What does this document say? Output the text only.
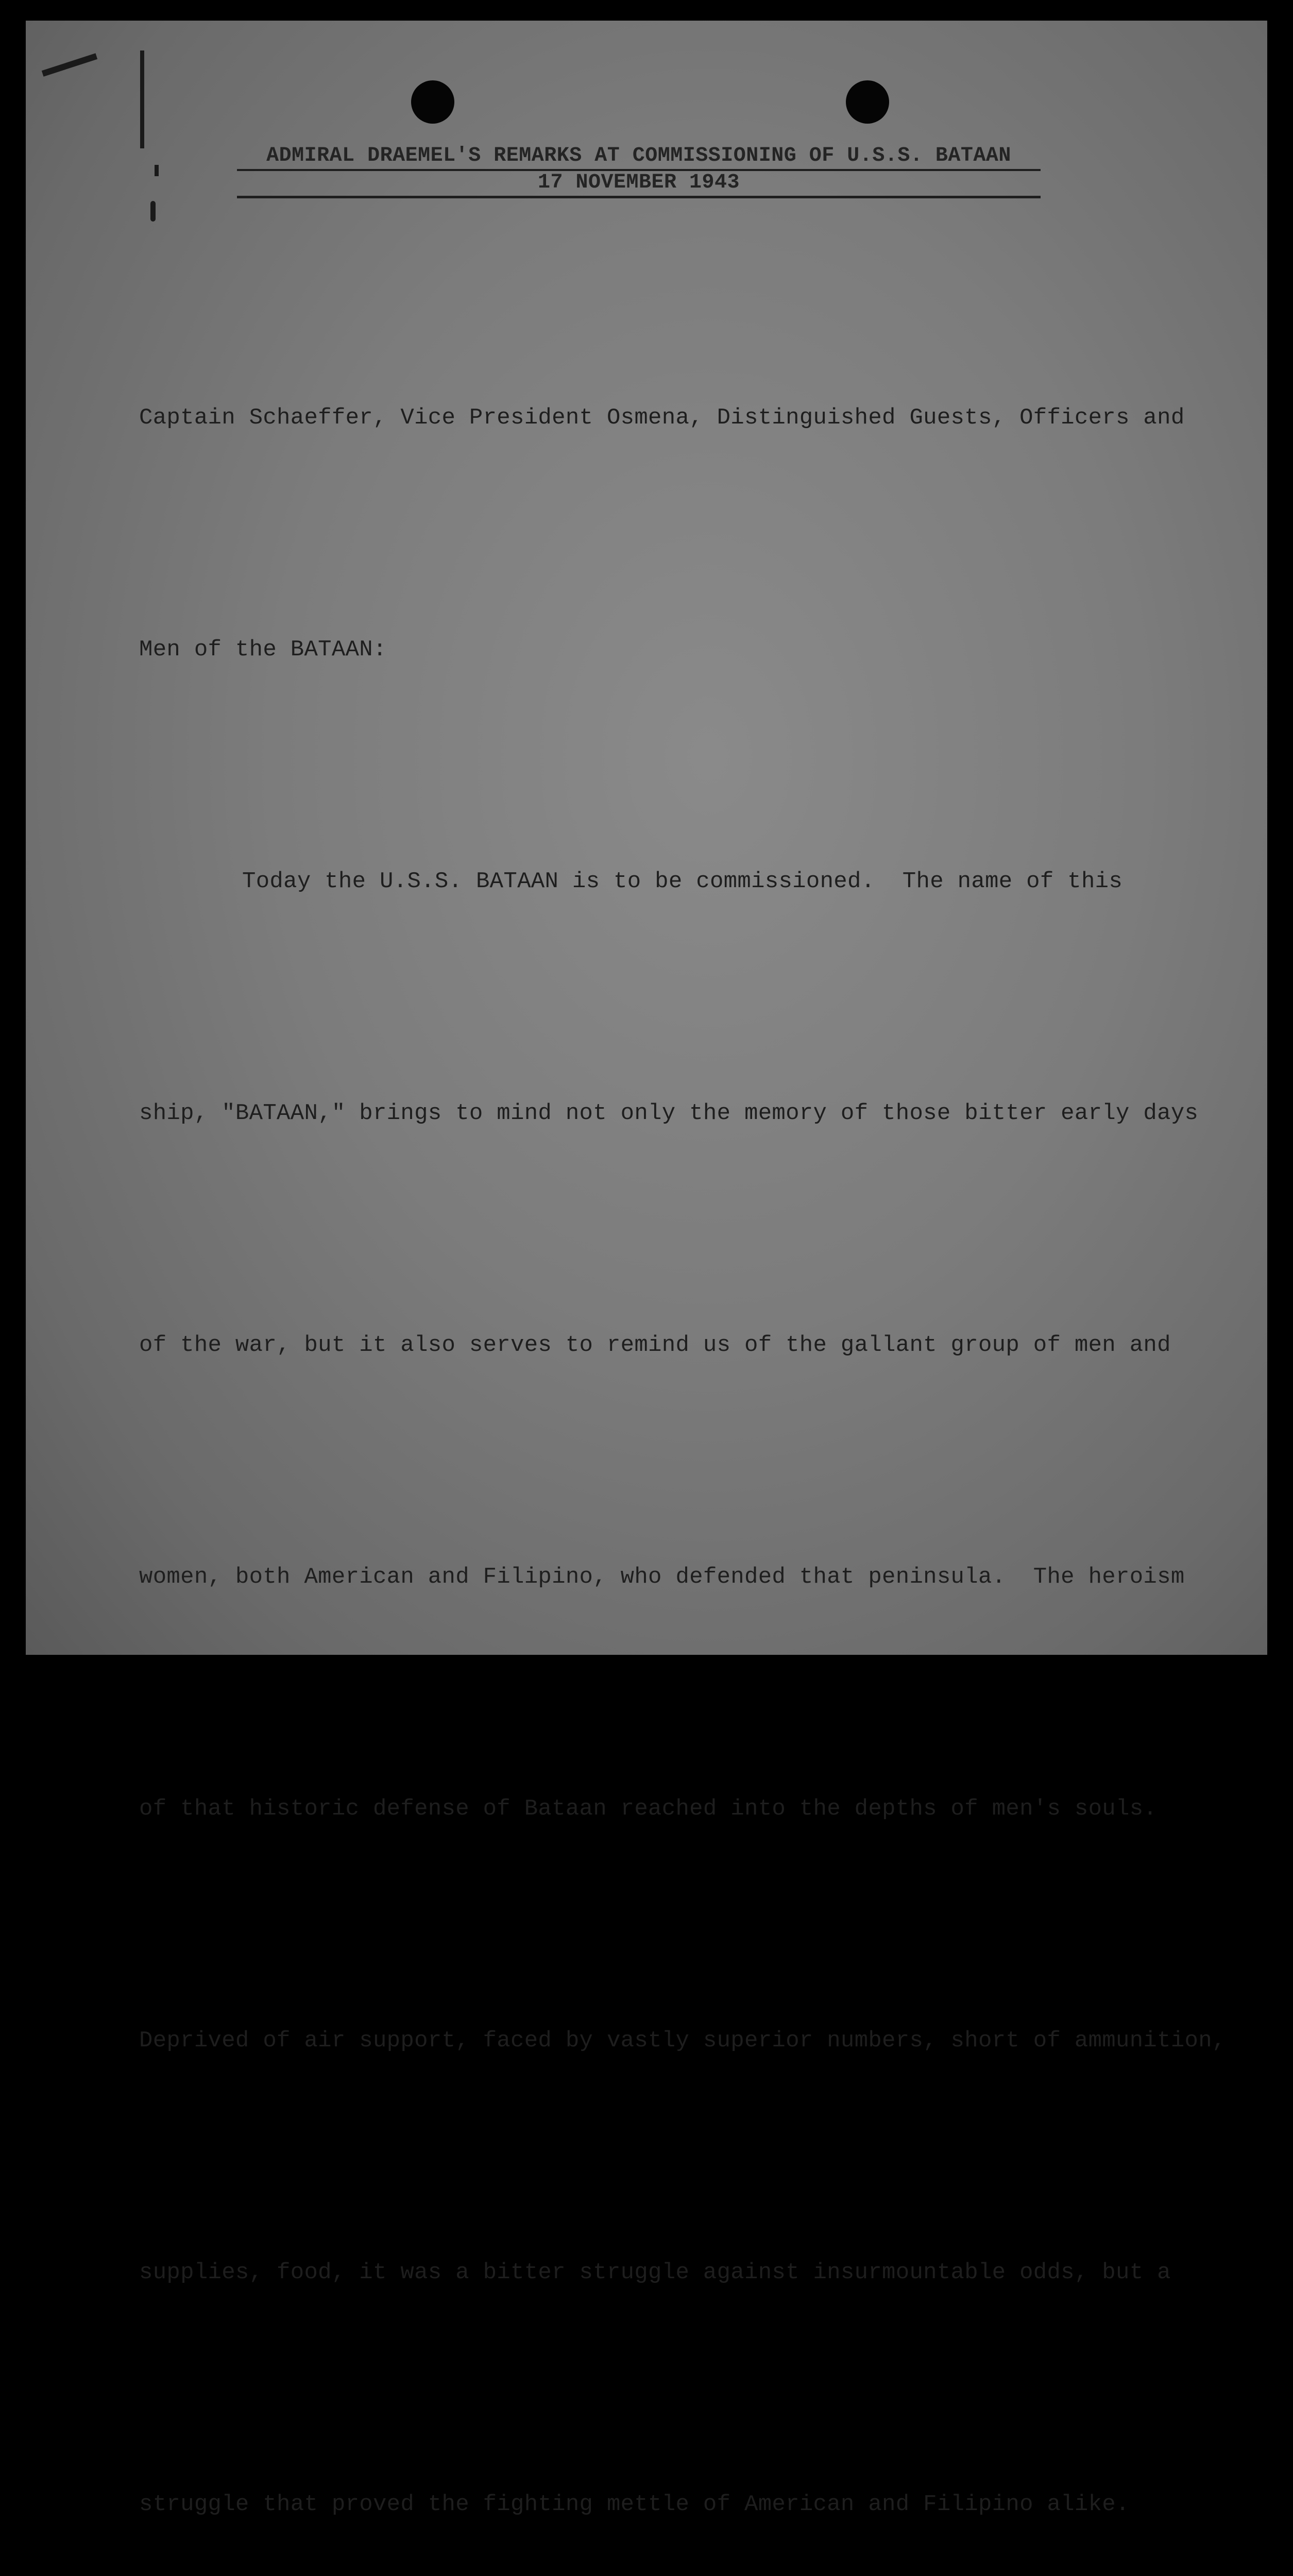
ADMIRAL DRAEMEL'S REMARKS AT COMMISSIONING OF U.S.S. BATAAN
17 NOVEMBER 1943

Captain Schaeffer, Vice President Osmena, Distinguished Guests, Officers and

Men of the BATAAN:

Today the U.S.S. BATAAN is to be commissioned.  The name of this

ship, "BATAAN," brings to mind not only the memory of those bitter early days

of the war, but it also serves to remind us of the gallant group of men and

women, both American and Filipino, who defended that peninsula.  The heroism

of that historic defense of Bataan reached into the depths of men's souls.

Deprived of air support, faced by vastly superior numbers, short of ammunition,

supplies, food, it was a bitter struggle against insurmountable odds, but a

struggle that proved the fighting mettle of American and Filipino alike.
